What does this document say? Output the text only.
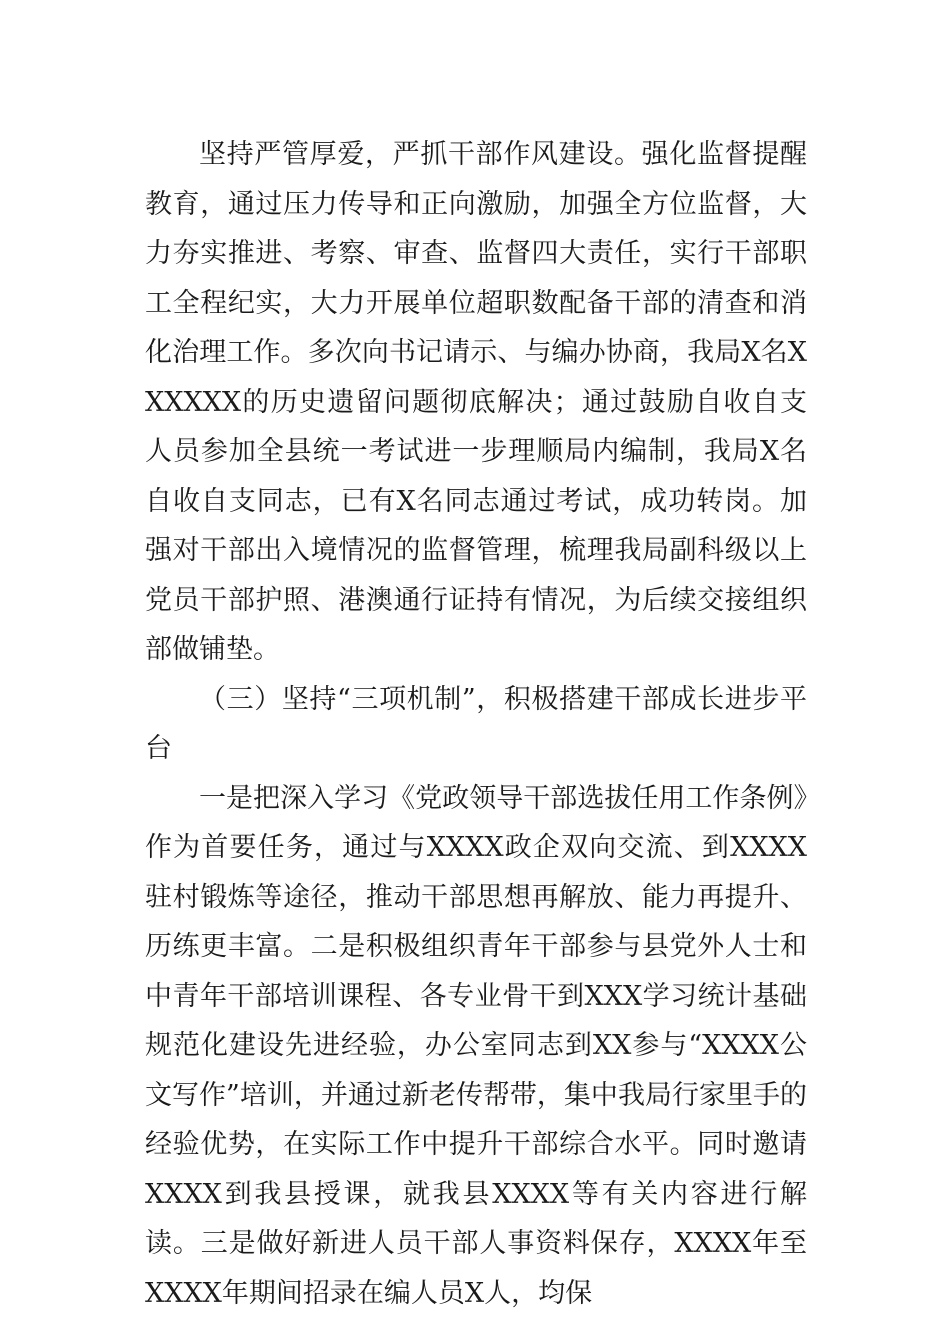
坚持严管厚爱，严抓干部作风建设。强化监督提醒教育，通过压力传导和正向激励，加强全方位监督，大力夯实推进、考察、审查、监督四大责任，实行干部职工全程纪实，大力开展单位超职数配备干部的清查和消化治理工作。多次向书记请示、与编办协商，我局X名XXXXXX的历史遗留问题彻底解决；通过鼓励自收自支人员参加全县统一考试进一步理顺局内编制，我局X名自收自支同志，已有X名同志通过考试，成功转岗。加强对干部出入境情况的监督管理，梳理我局副科级以上党员干部护照、港澳通行证持有情况，为后续交接组织部做铺垫。

（三）坚持“三项机制”，积极搭建干部成长进步平台

一是把深入学习《党政领导干部选拔任用工作条例》作为首要任务，通过与XXXX政企双向交流、到XXXX驻村锻炼等途径，推动干部思想再解放、能力再提升、历练更丰富。二是积极组织青年干部参与县党外人士和中青年干部培训课程、各专业骨干到XXX学习统计基础规范化建设先进经验，办公室同志到XX参与“XXXX公文写作”培训，并通过新老传帮带，集中我局行家里手的经验优势，在实际工作中提升干部综合水平。同时邀请XXXX到我县授课，就我县XXXX等有关内容进行解读。三是做好新进人员干部人事资料保存，XXXX年至XXXX年期间招录在编人员X人，均保
